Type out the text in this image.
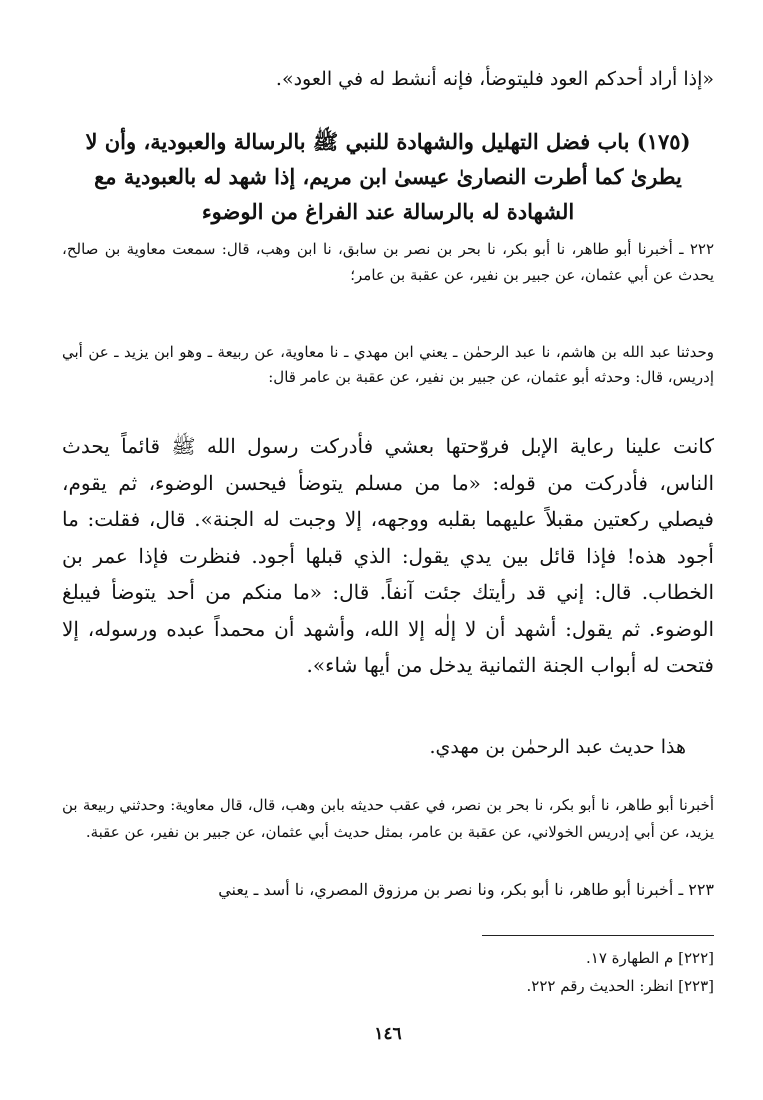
«إذا أراد أحدكم العود فليتوضأ، فإنه أنشط له في العود».

(١٧٥) باب فضل التهليل والشهادة للنبي ﷺ بالرسالة والعبودية، وأن لا يطرىٰ كما أطرت النصارىٰ عيسىٰ ابن مريم، إذا شهد له بالعبودية مع الشهادة له بالرسالة عند الفراغ من الوضوء

٢٢٢ ـ أخبرنا أبو طاهر، نا أبو بكر، نا بحر بن نصر بن سابق، نا ابن وهب، قال: سمعت معاوية بن صالح، يحدث عن أبي عثمان، عن جبير بن نفير، عن عقبة بن عامر؛

وحدثنا عبد الله بن هاشم، نا عبد الرحمٰن ـ يعني ابن مهدي ـ نا معاوية، عن ربيعة ـ وهو ابن يزيد ـ عن أبي إدريس، قال: وحدثه أبو عثمان، عن جبير بن نفير، عن عقبة بن عامر قال:

كانت علينا رعاية الإبل فروّحتها بعشي فأدركت رسول الله ﷺ قائماً يحدث الناس، فأدركت من قوله: «ما من مسلم يتوضأ فيحسن الوضوء، ثم يقوم، فيصلي ركعتين مقبلاً عليهما بقلبه ووجهه، إلا وجبت له الجنة». قال، فقلت: ما أجود هذه! فإذا قائل بين يدي يقول: الذي قبلها أجود. فنظرت فإذا عمر بن الخطاب. قال: إني قد رأيتك جئت آنفاً. قال: «ما منكم من أحد يتوضأ فيبلغ الوضوء. ثم يقول: أشهد أن لا إلٰه إلا الله، وأشهد أن محمداً عبده ورسوله، إلا فتحت له أبواب الجنة الثمانية يدخل من أيها شاء».

هذا حديث عبد الرحمٰن بن مهدي.

أخبرنا أبو طاهر، نا أبو بكر، نا بحر بن نصر، في عقب حديثه بابن وهب، قال، قال معاوية: وحدثني ربيعة بن يزيد، عن أبي إدريس الخولاني، عن عقبة بن عامر، بمثل حديث أبي عثمان، عن جبير بن نفير، عن عقبة.

٢٢٣ ـ أخبرنا أبو طاهر، نا أبو بكر، ونا نصر بن مرزوق المصري، نا أسد ـ يعني

[٢٢٢] م الطهارة ١٧.
[٢٢٣] انظر: الحديث رقم ٢٢٢.
١٤٦
